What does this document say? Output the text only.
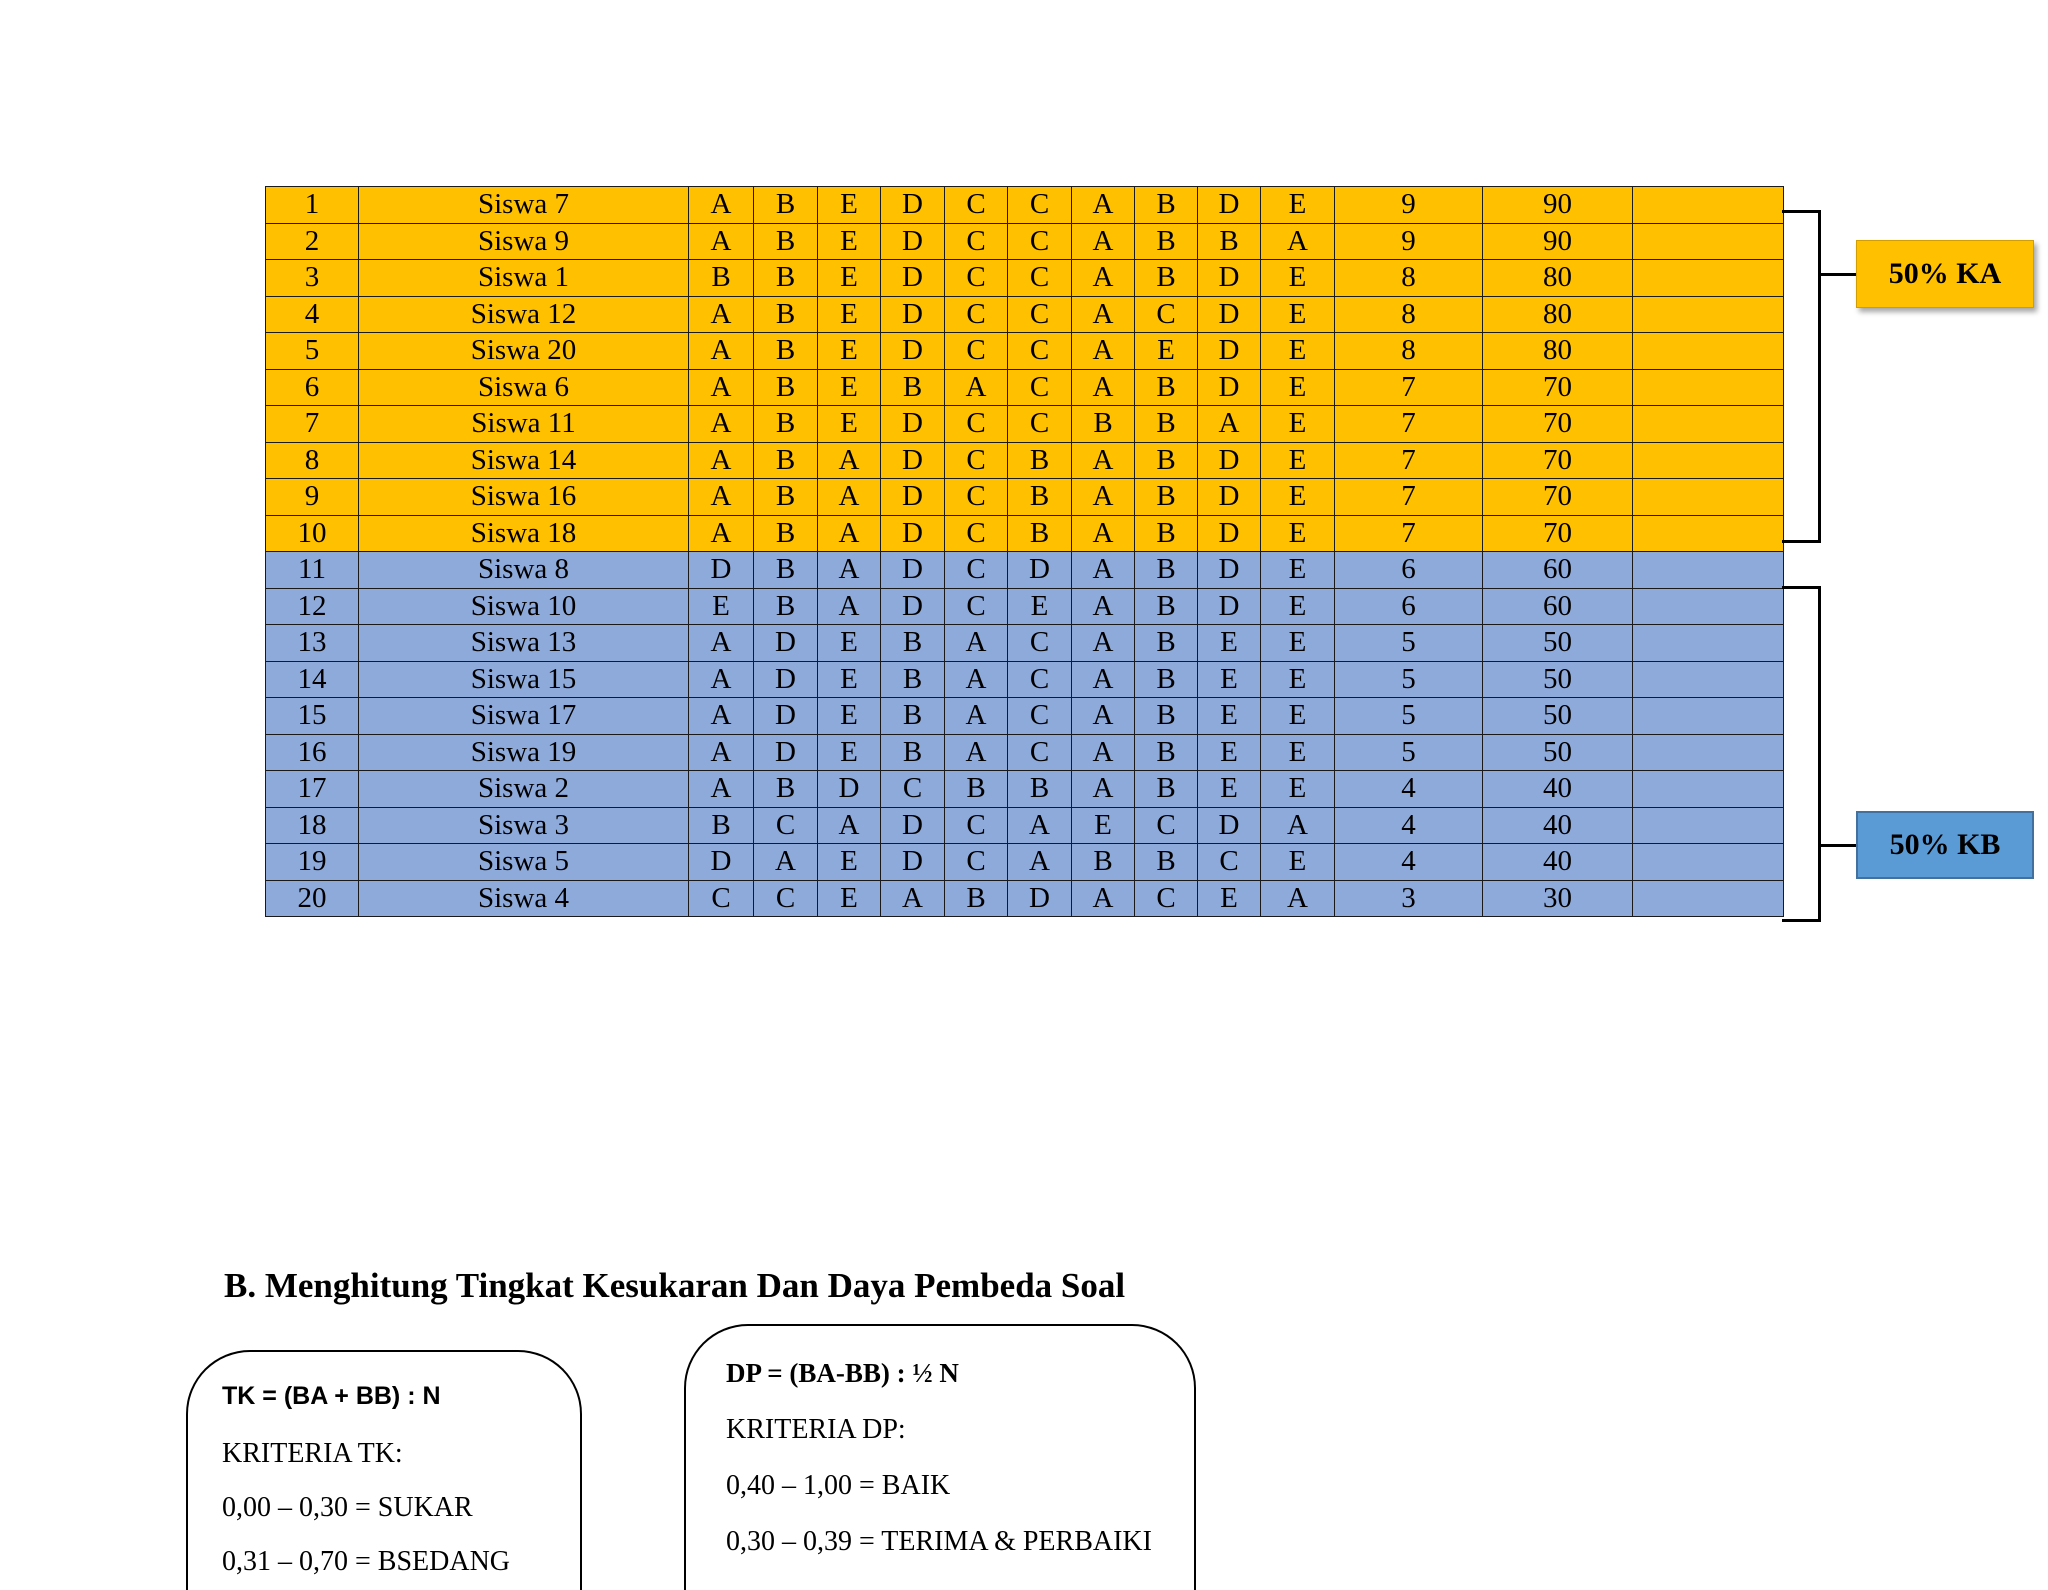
1	Siswa 7	A	B	E	D	C	C	A	B	D	E	9	90	
2	Siswa 9	A	B	E	D	C	C	A	B	B	A	9	90	
3	Siswa 1	B	B	E	D	C	C	A	B	D	E	8	80	
4	Siswa 12	A	B	E	D	C	C	A	C	D	E	8	80	
5	Siswa 20	A	B	E	D	C	C	A	E	D	E	8	80	
6	Siswa 6	A	B	E	B	A	C	A	B	D	E	7	70	
7	Siswa 11	A	B	E	D	C	C	B	B	A	E	7	70	
8	Siswa 14	A	B	A	D	C	B	A	B	D	E	7	70	
9	Siswa 16	A	B	A	D	C	B	A	B	D	E	7	70	
10	Siswa 18	A	B	A	D	C	B	A	B	D	E	7	70	
11	Siswa 8	D	B	A	D	C	D	A	B	D	E	6	60	
12	Siswa 10	E	B	A	D	C	E	A	B	D	E	6	60	
13	Siswa 13	A	D	E	B	A	C	A	B	E	E	5	50	
14	Siswa 15	A	D	E	B	A	C	A	B	E	E	5	50	
15	Siswa 17	A	D	E	B	A	C	A	B	E	E	5	50	
16	Siswa 19	A	D	E	B	A	C	A	B	E	E	5	50	
17	Siswa 2	A	B	D	C	B	B	A	B	E	E	4	40	
18	Siswa 3	B	C	A	D	C	A	E	C	D	A	4	40	
19	Siswa 5	D	A	E	D	C	A	B	B	C	E	4	40	
20	Siswa 4	C	C	E	A	B	D	A	C	E	A	3	30	
50% KA
50% KB
B. Menghitung Tingkat Kesukaran Dan Daya Pembeda Soal
TK = (BA + BB) : N
KRITERIA TK:
0,00 – 0,30 = SUKAR
0,31 – 0,70 = BSEDANG
DP = (BA-BB) : ½ N
KRITERIA DP:
0,40 – 1,00 = BAIK
0,30 – 0,39 = TERIMA & PERBAIKI
